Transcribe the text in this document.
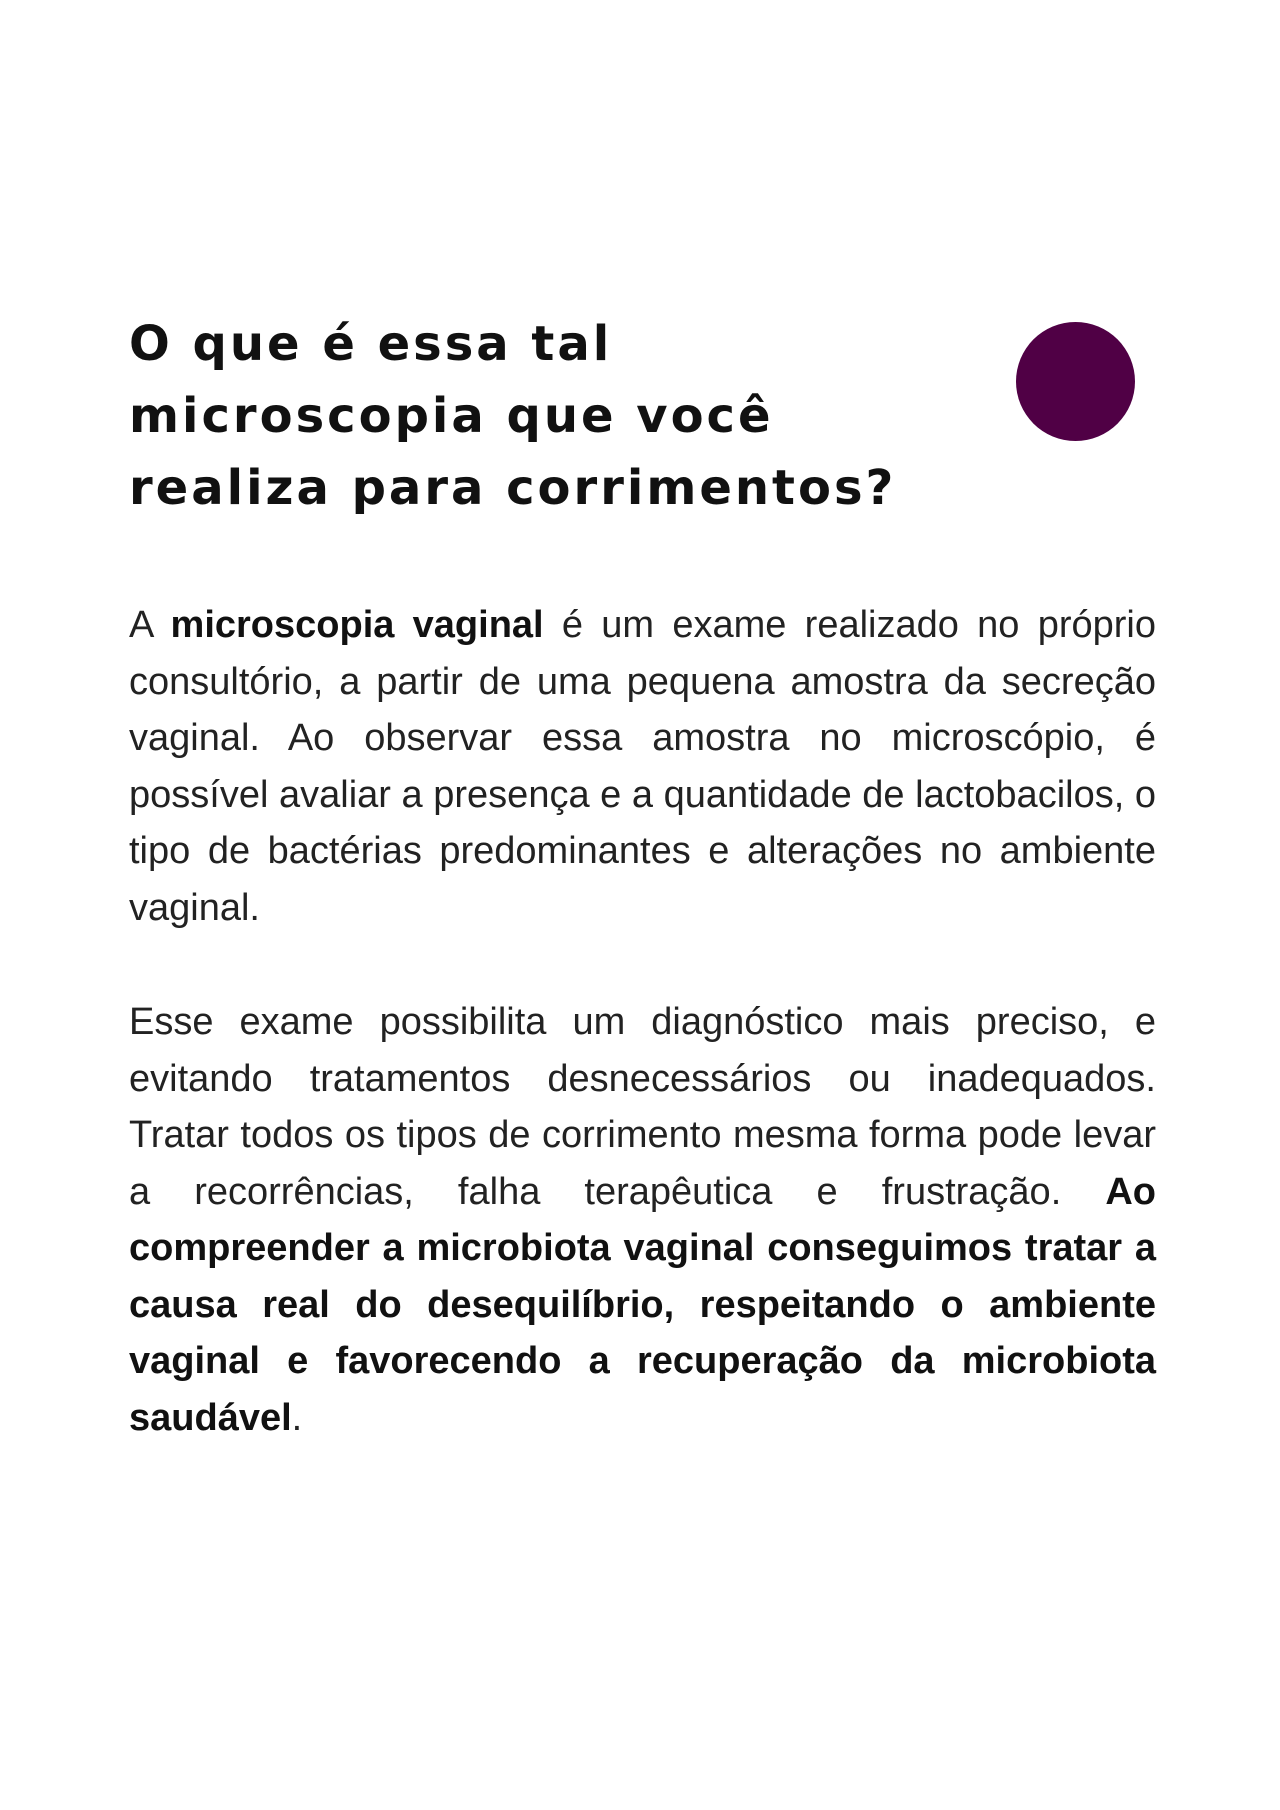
O que é essa tal
microscopia que você
realiza para corrimentos?

A microscopia vaginal é um exame realizado no próprio consultório, a partir de uma pequena amostra da secreção vaginal. Ao observar essa amostra no microscópio, é possível avaliar a presença e a quantidade de lactobacilos, o tipo de bactérias predominantes e alterações no ambiente vaginal.

Esse exame possibilita um diagnóstico mais preciso, e evitando tratamentos desnecessários ou inadequados. Tratar todos os tipos de corrimento mesma forma pode levar a recorrências, falha terapêutica e frustração. Ao compreender a microbiota vaginal conseguimos tratar a causa real do desequilíbrio, respeitando o ambiente vaginal e favorecendo a recuperação da microbiota saudável.
